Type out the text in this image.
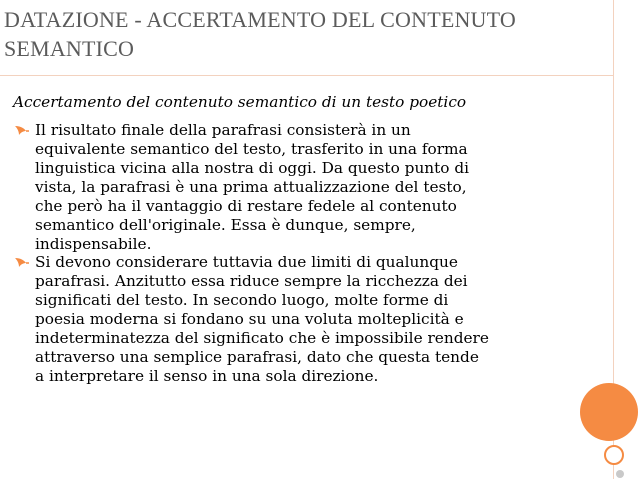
DATAZIONE - ACCERTAMENTO DEL CONTENUTO SEMANTICO
Accertamento del contenuto semantico di un testo poetico
Il risultato finale della parafrasi consisterà in un
equivalente semantico del testo, trasferito in una forma
linguistica vicina alla nostra di oggi. Da questo punto di
vista, la parafrasi è una prima attualizzazione del testo,
che però ha il vantaggio di restare fedele al contenuto
semantico dell'originale. Essa è dunque, sempre,
indispensabile.
Si devono considerare tuttavia due limiti di qualunque
parafrasi. Anzitutto essa riduce sempre la ricchezza dei
significati del testo. In secondo luogo, molte forme di
poesia moderna si fondano su una voluta molteplicità e
indeterminatezza del significato che è impossibile rendere
attraverso una semplice parafrasi, dato che questa tende
a interpretare il senso in una sola direzione.
